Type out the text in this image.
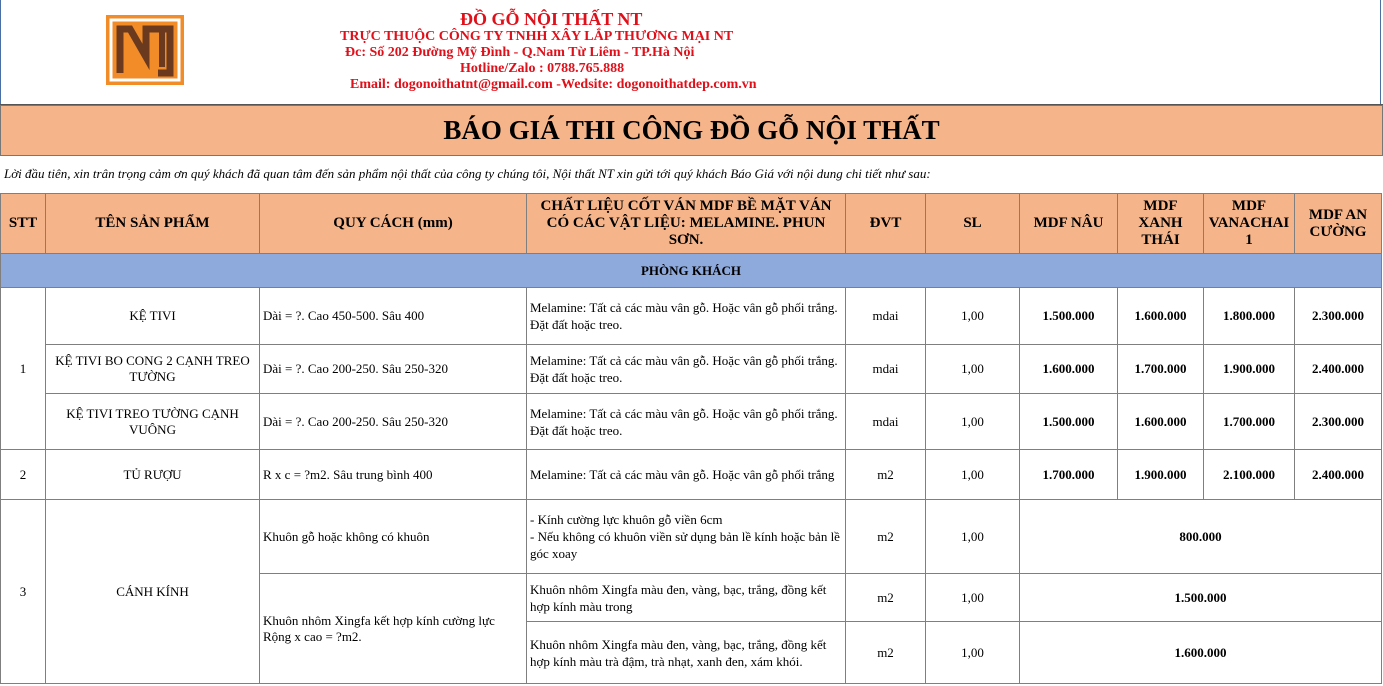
ĐỒ GỖ NỘI THẤT NT
TRỰC THUỘC CÔNG TY TNHH XÂY LẮP THƯƠNG MẠI NT
Đc: Số 202 Đường Mỹ Đình - Q.Nam Từ Liêm - TP.Hà Nội
Hotline/Zalo : 0788.765.888
Email: dogonoithatnt@gmail.com -Wedsite: dogonoithatdep.com.vn
BÁO GIÁ THI CÔNG ĐỒ GỖ NỘI THẤT
Lời đầu tiên, xin trân trọng cảm ơn quý khách đã quan tâm đến sản phẩm nội thất của công ty chúng tôi, Nội thất NT xin gửi tới quý khách Báo Giá với nội dung chi tiết như sau:
STT	TÊN SẢN PHẨM	QUY CÁCH (mm)	CHẤT LIỆU CỐT VÁN MDF BỀ MẶT VÁN CÓ CÁC VẬT LIỆU: MELAMINE. PHUN SƠN.	ĐVT	SL	MDF NÂU	MDF XANH THÁI	MDF VANACHAI 1	MDF AN CƯỜNG
PHÒNG KHÁCH									
1	KỆ TIVI	Dài = ?. Cao 450-500. Sâu 400	Melamine: Tất cả các màu vân gỗ. Hoặc vân gỗ phối trắng. Đặt đất hoặc treo.	mdai	1,00	1.500.000	1.600.000	1.800.000	2.300.000
	KỆ TIVI BO CONG 2 CẠNH TREO TƯỜNG	Dài = ?. Cao 200-250. Sâu 250-320	Melamine: Tất cả các màu vân gỗ. Hoặc vân gỗ phối trắng. Đặt đất hoặc treo.	mdai	1,00	1.600.000	1.700.000	1.900.000	2.400.000
	KỆ TIVI TREO TƯỜNG CẠNH VUÔNG	Dài = ?. Cao 200-250. Sâu 250-320	Melamine: Tất cả các màu vân gỗ. Hoặc vân gỗ phối trắng. Đặt đất hoặc treo.	mdai	1,00	1.500.000	1.600.000	1.700.000	2.300.000
2	TỦ RƯỢU	R x c = ?m2. Sâu trung bình 400	Melamine: Tất cả các màu vân gỗ. Hoặc vân gỗ phối trắng	m2	1,00	1.700.000	1.900.000	2.100.000	2.400.000
3	CÁNH KÍNH	Khuôn gỗ hoặc không có khuôn	- Kính cường lực khuôn gỗ viền 6cm
- Nếu không có khuôn viền sử dụng bản lề kính hoặc bản lề góc xoay	m2	1,00	800.000			
		Khuôn nhôm Xingfa kết hợp kính cường lực Rộng x cao = ?m2.	Khuôn nhôm Xingfa màu đen, vàng, bạc, trắng, đồng kết hợp kính màu trong	m2	1,00	1.500.000			
			Khuôn nhôm Xingfa màu đen, vàng, bạc, trắng, đồng kết hợp kính màu trà đậm, trà nhạt, xanh đen, xám khói.	m2	1,00	1.600.000			
